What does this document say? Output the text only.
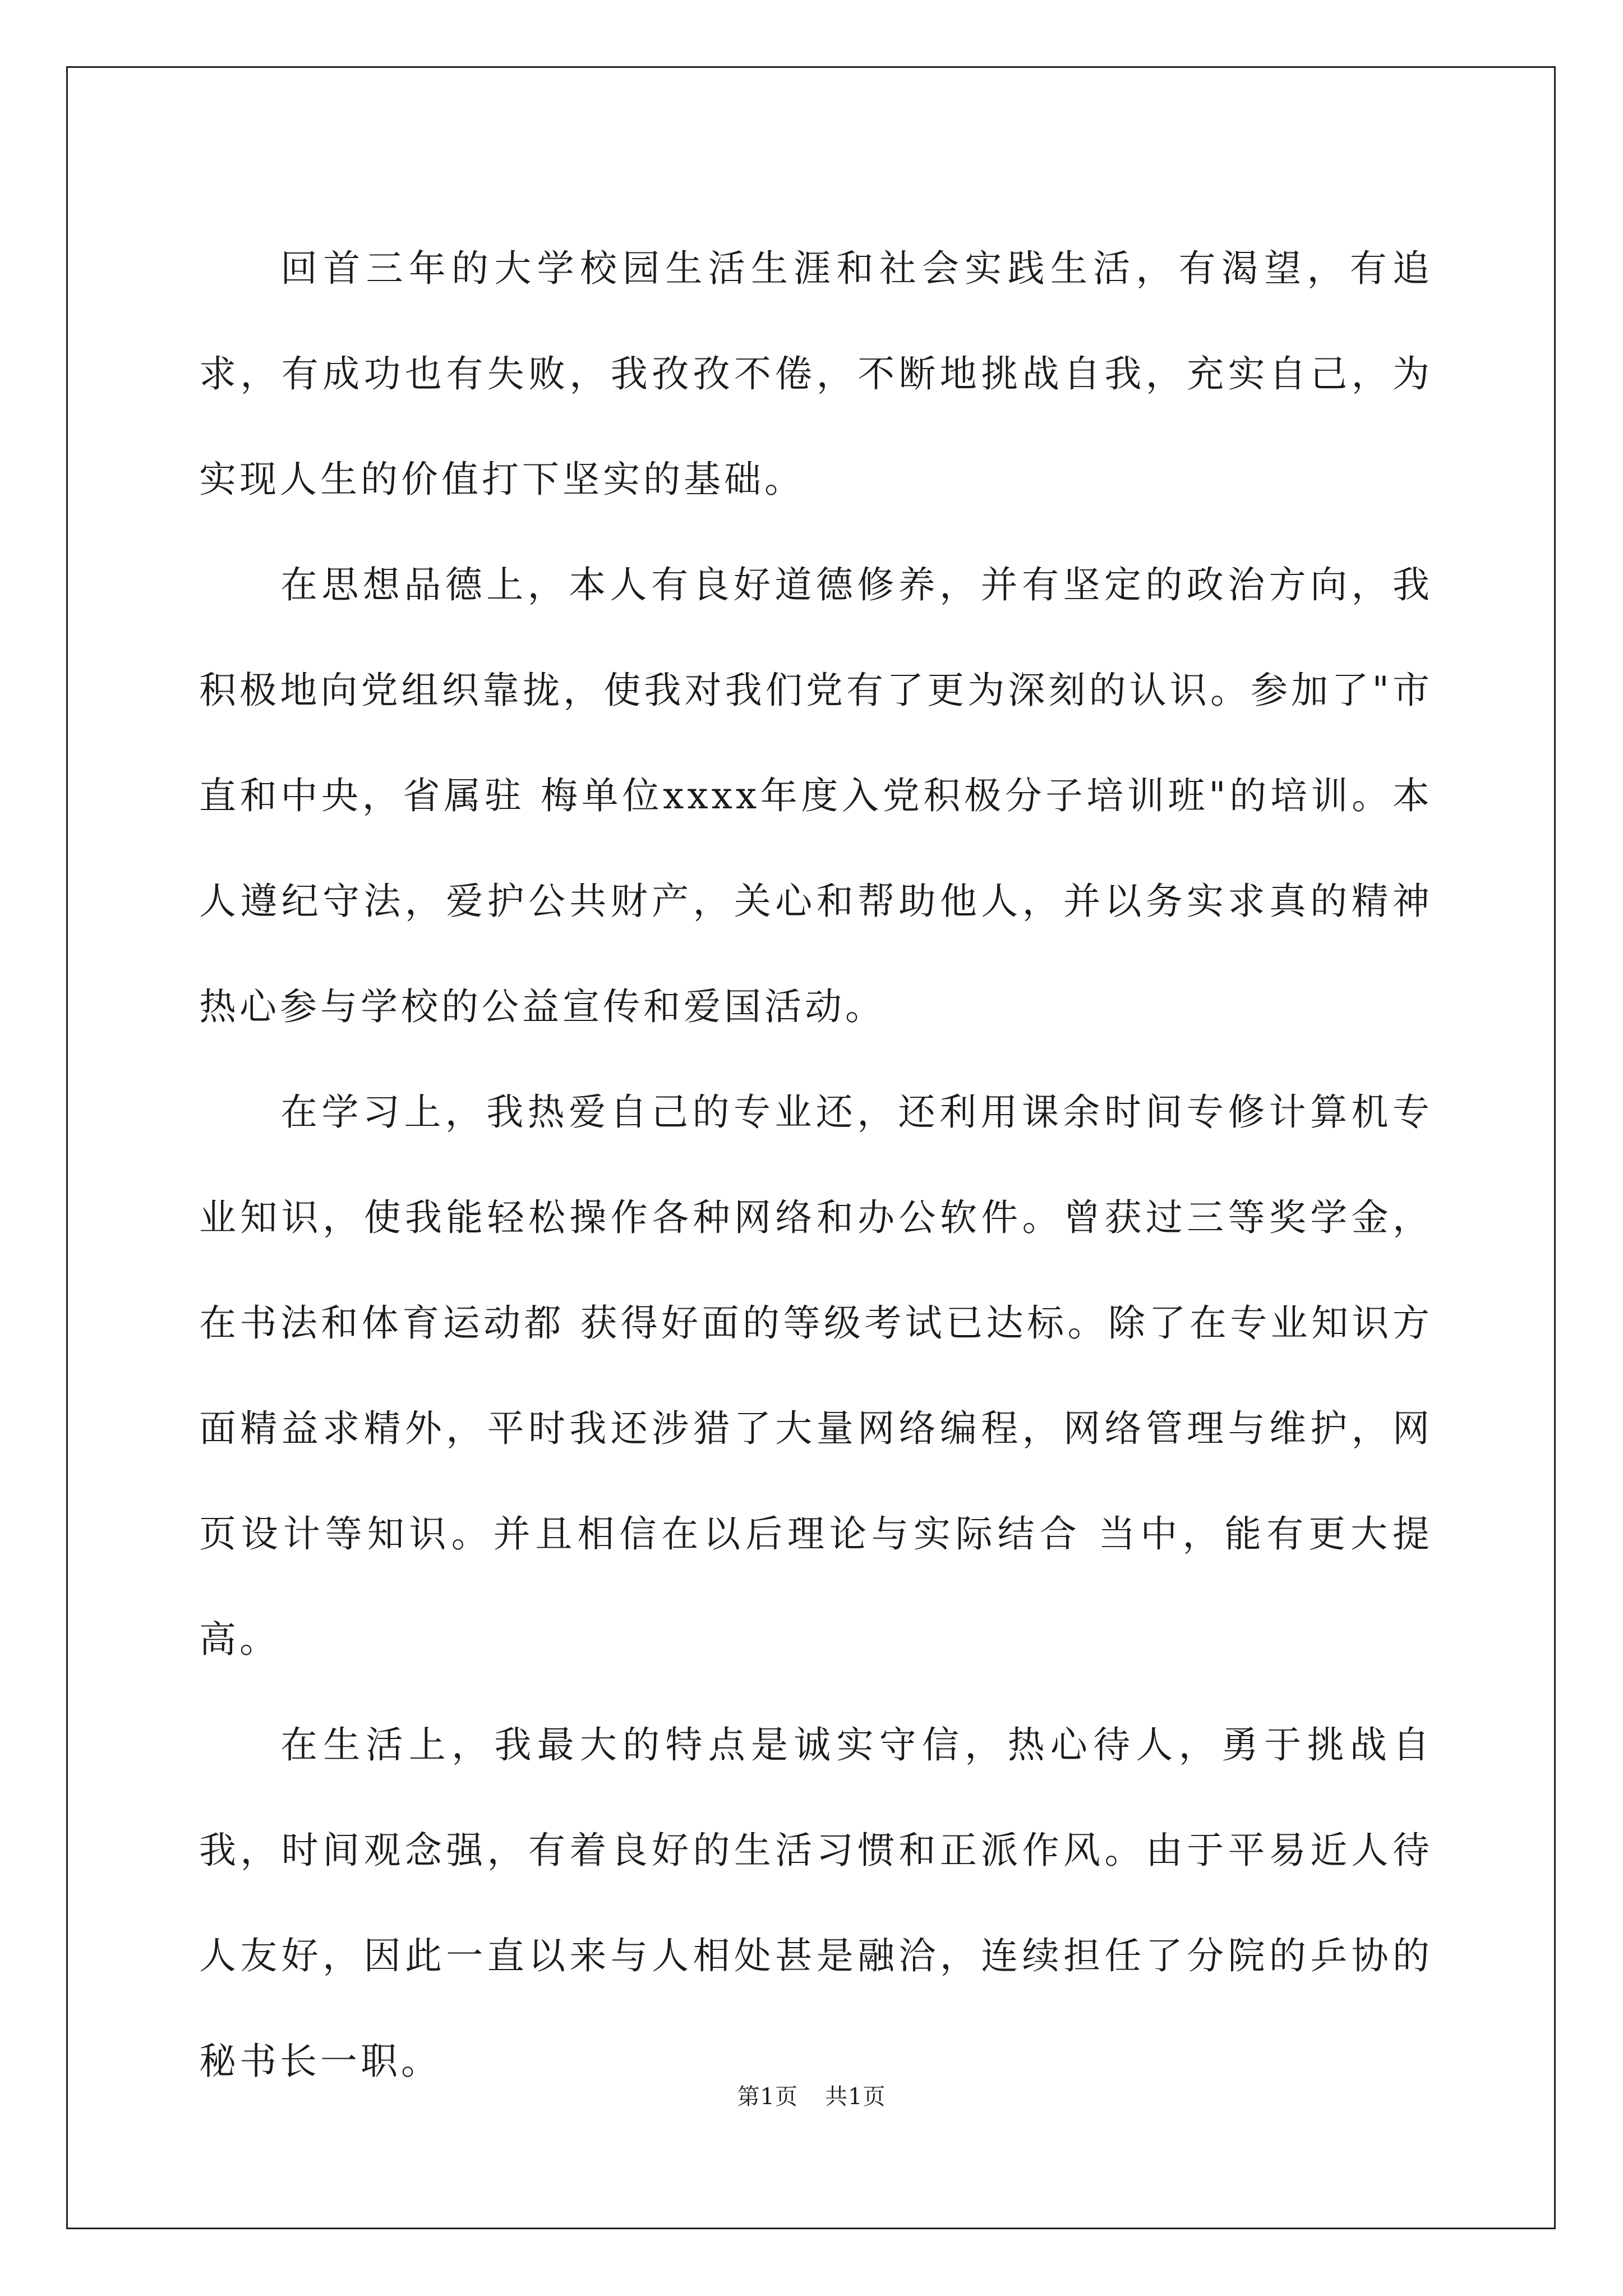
回首三年的大学校园生活生涯和社会实践生活，有渴望，有追求，有成功也有失败，我孜孜不倦，不断地挑战自我，充实自己，为实现人生的价值打下坚实的基础。

在思想品德上，本人有良好道德修养，并有坚定的政治方向，我积极地向党组织靠拢，使我对我们党有了更为深刻的认识。参加了"市直和中央，省属驻 梅单位xxxx年度入党积极分子培训班"的培训。本人遵纪守法，爱护公共财产，关心和帮助他人，并以务实求真的精神热心参与学校的公益宣传和爱国活动。

在学习上，我热爱自己的专业还，还利用课余时间专修计算机专业知识，使我能轻松操作各种网络和办公软件。曾获过三等奖学金，在书法和体育运动都 获得好面的等级考试已达标。除了在专业知识方面精益求精外，平时我还涉猎了大量网络编程，网络管理与维护，网页设计等知识。并且相信在以后理论与实际结合 当中，能有更大提高。

在生活上，我最大的特点是诚实守信，热心待人，勇于挑战自我，时间观念强，有着良好的生活习惯和正派作风。由于平易近人待人友好，因此一直以来与人相处甚是融洽，连续担任了分院的乒协的秘书长一职。

第1页 共1页
